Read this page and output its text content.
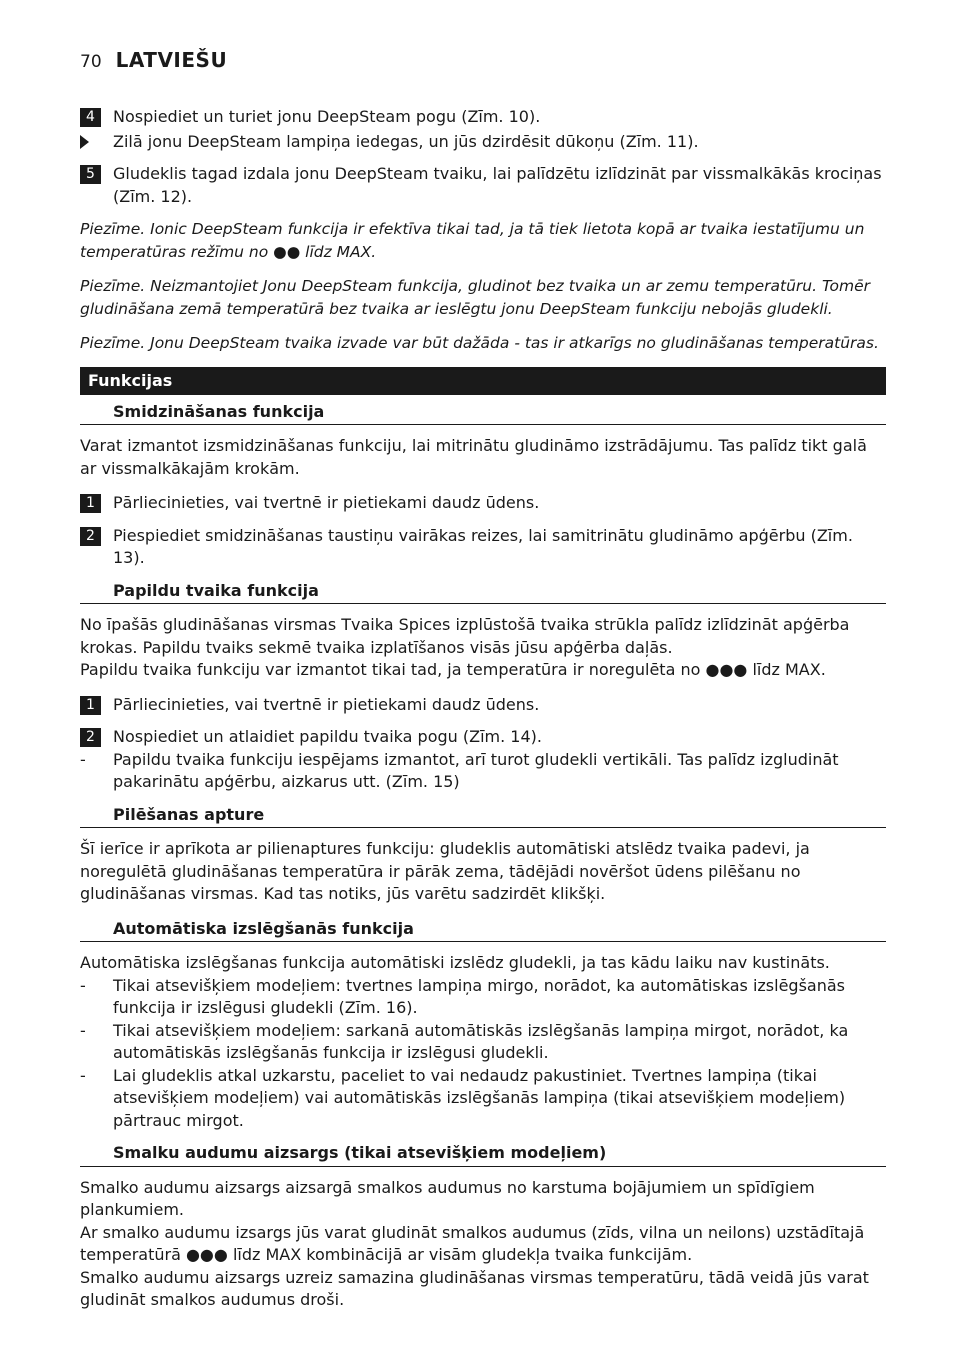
70 LATVIEŠU
4	Nospiediet un turiet jonu DeepSteam pogu (Zīm. 10).
Zilā jonu DeepSteam lampiņa iedegas, un jūs dzirdēsit dūkoņu (Zīm. 11).
5	Gludeklis tagad izdala jonu DeepSteam tvaiku, lai palīdzētu izlīdzināt par vissmalkākās krociņas (Zīm. 12).

Piezīme. Ionic DeepSteam funkcija ir efektīva tikai tad, ja tā tiek lietota kopā ar tvaika iestatījumu un temperatūras režīmu no ●● līdz MAX.

Piezīme. Neizmantojiet Jonu DeepSteam funkcija, gludinot bez tvaika un ar zemu temperatūru. Tomēr gludināšana zemā temperatūrā bez tvaika ar ieslēgtu jonu DeepSteam funkciju nebojās gludekli.

Piezīme. Jonu DeepSteam tvaika izvade var būt dažāda - tas ir atkarīgs no gludināšanas temperatūras.

Funkcijas
Smidzināšanas funkcija

Varat izmantot izsmidzināšanas funkciju, lai mitrinātu gludināmo izstrādājumu. Tas palīdz tikt galā ar vissmalkākajām krokām.

1	Pārliecinieties, vai tvertnē ir pietiekami daudz ūdens.
2	Piespiediet smidzināšanas taustiņu vairākas reizes, lai samitrinātu gludināmo apģērbu (Zīm. 13).
Papildu tvaika funkcija

No īpašās gludināšanas virsmas Tvaika Spices izplūstošā tvaika strūkla palīdz izlīdzināt apģērba krokas. Papildu tvaiks sekmē tvaika izplatīšanos visās jūsu apģērba daļās.
Papildu tvaika funkciju var izmantot tikai tad, ja temperatūra ir noregulēta no ●●● līdz MAX.

1	Pārliecinieties, vai tvertnē ir pietiekami daudz ūdens.
2	Nospiediet un atlaidiet papildu tvaika pogu (Zīm. 14).
-	Papildu tvaika funkciju iespējams izmantot, arī turot gludekli vertikāli. Tas palīdz izgludināt pakarinātu apģērbu, aizkarus utt. (Zīm. 15)
Pilēšanas apture

Šī ierīce ir aprīkota ar pilienaptures funkciju: gludeklis automātiski atslēdz tvaika padevi, ja noregulētā gludināšanas temperatūra ir pārāk zema, tādējādi novēršot ūdens pilēšanu no gludināšanas virsmas. Kad tas notiks, jūs varētu sadzirdēt klikšķi.

Automātiska izslēgšanās funkcija
Automātiska izslēgšanas funkcija automātiski izslēdz gludekli, ja tas kādu laiku nav kustināts.
-	Tikai atsevišķiem modeļiem: tvertnes lampiņa mirgo, norādot, ka automātiskas izslēgšanās funkcija ir izslēgusi gludekli (Zīm. 16).
-	Tikai atsevišķiem modeļiem: sarkanā automātiskās izslēgšanās lampiņa mirgot, norādot, ka automātiskās izslēgšanās funkcija ir izslēgusi gludekli.
-	Lai gludeklis atkal uzkarstu, paceliet to vai nedaudz pakustiniet. Tvertnes lampiņa (tikai atsevišķiem modeļiem) vai automātiskās izslēgšanās lampiņa (tikai atsevišķiem modeļiem) pārtrauc mirgot.
Smalku audumu aizsargs (tikai atsevišķiem modeļiem)

Smalko audumu aizsargs aizsargā smalkos audumus no karstuma bojājumiem un spīdīgiem plankumiem.
Ar smalko audumu izsargs jūs varat gludināt smalkos audumus (zīds, vilna un neilons) uzstādītajā temperatūrā ●●● līdz MAX kombinācijā ar visām gludekļa tvaika funkcijām.
Smalko audumu aizsargs uzreiz samazina gludināšanas virsmas temperatūru, tādā veidā jūs varat gludināt smalkos audumus droši.
